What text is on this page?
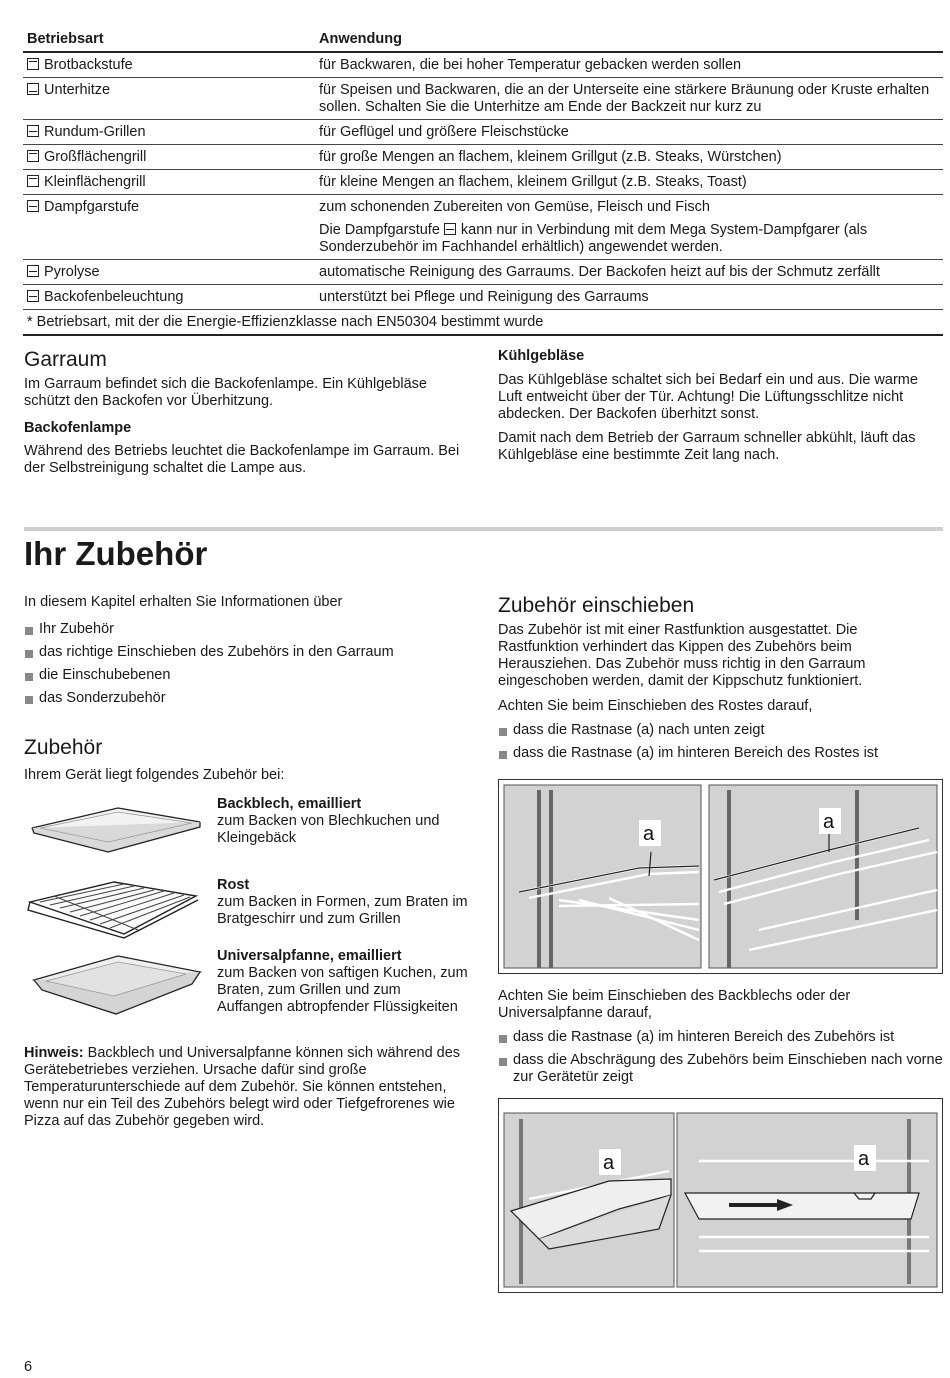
Betriebsart	Anwendung
Brotbackstufe	für Backwaren, die bei hoher Temperatur gebacken werden sollen
Unterhitze	für Speisen und Backwaren, die an der Unterseite eine stärkere Bräunung oder Kruste erhalten sollen. Schalten Sie die Unterhitze am Ende der Backzeit nur kurz zu
Rundum-Grillen	für Geflügel und größere Fleischstücke
Großflächengrill	für große Mengen an flachem, kleinem Grillgut (z.B. Steaks, Würstchen)
Kleinflächengrill	für kleine Mengen an flachem, kleinem Grillgut (z.B. Steaks, Toast)
Dampfgarstufe	zum schonenden Zubereiten von Gemüse, Fleisch und Fisch
Die Dampfgarstufe kann nur in Verbindung mit dem Mega System-Dampfgarer (als Sonderzubehör im Fachhandel erhältlich) angewendet werden.

Pyrolyse	automatische Reinigung des Garraums. Der Backofen heizt auf bis der Schmutz zerfällt
Backofenbeleuchtung	unterstützt bei Pflege und Reinigung des Garraums
* Betriebsart, mit der die Energie-Effizienzklasse nach EN50304 bestimmt wurde	
Garraum

Im Garraum befindet sich die Backofenlampe. Ein Kühlgebläse schützt den Backofen vor Überhitzung.

Backofenlampe

Während des Betriebs leuchtet die Backofenlampe im Garraum. Bei der Selbstreinigung schaltet die Lampe aus.

Kühlgebläse

Das Kühlgebläse schaltet sich bei Bedarf ein und aus. Die warme Luft entweicht über der Tür. Achtung! Die Lüftungsschlitze nicht abdecken. Der Backofen überhitzt sonst.

Damit nach dem Betrieb der Garraum schneller abkühlt, läuft das Kühlgebläse eine bestimmte Zeit lang nach.

Ihr Zubehör

In diesem Kapitel erhalten Sie Informationen über

Ihr Zubehör
das richtige Einschieben des Zubehörs in den Garraum
die Einschubebenen
das Sonderzubehör
Zubehör

Ihrem Gerät liegt folgendes Zubehör bei:

Backblech, emailliert

zum Backen von Blechkuchen und Kleingebäck

Rost

zum Backen in Formen, zum Braten im Bratgeschirr und zum Grillen

Universalpfanne, emailliert

zum Backen von saftigen Kuchen, zum Braten, zum Grillen und zum Auffangen abtropfender Flüssigkeiten

Hinweis: Backblech und Universalpfanne können sich während des Gerätebetriebes verziehen. Ursache dafür sind große Temperaturunterschiede auf dem Zubehör. Sie können entstehen, wenn nur ein Teil des Zubehörs belegt wird oder Tiefgefrorenes wie Pizza auf das Zubehör gegeben wird.

Zubehör einschieben

Das Zubehör ist mit einer Rastfunktion ausgestattet. Die Rastfunktion verhindert das Kippen des Zubehörs beim Herausziehen. Das Zubehör muss richtig in den Garraum eingeschoben werden, damit der Kippschutz funktioniert.

Achten Sie beim Einschieben des Rostes darauf,

dass die Rastnase (a) nach unten zeigt
dass die Rastnase (a) im hinteren Bereich des Rostes ist
a
a

Achten Sie beim Einschieben des Backblechs oder der Universalpfanne darauf,

dass die Rastnase (a) im hinteren Bereich des Zubehörs ist
dass die Abschrägung des Zubehörs beim Einschieben nach vorne zur Gerätetür zeigt
a	a
6
